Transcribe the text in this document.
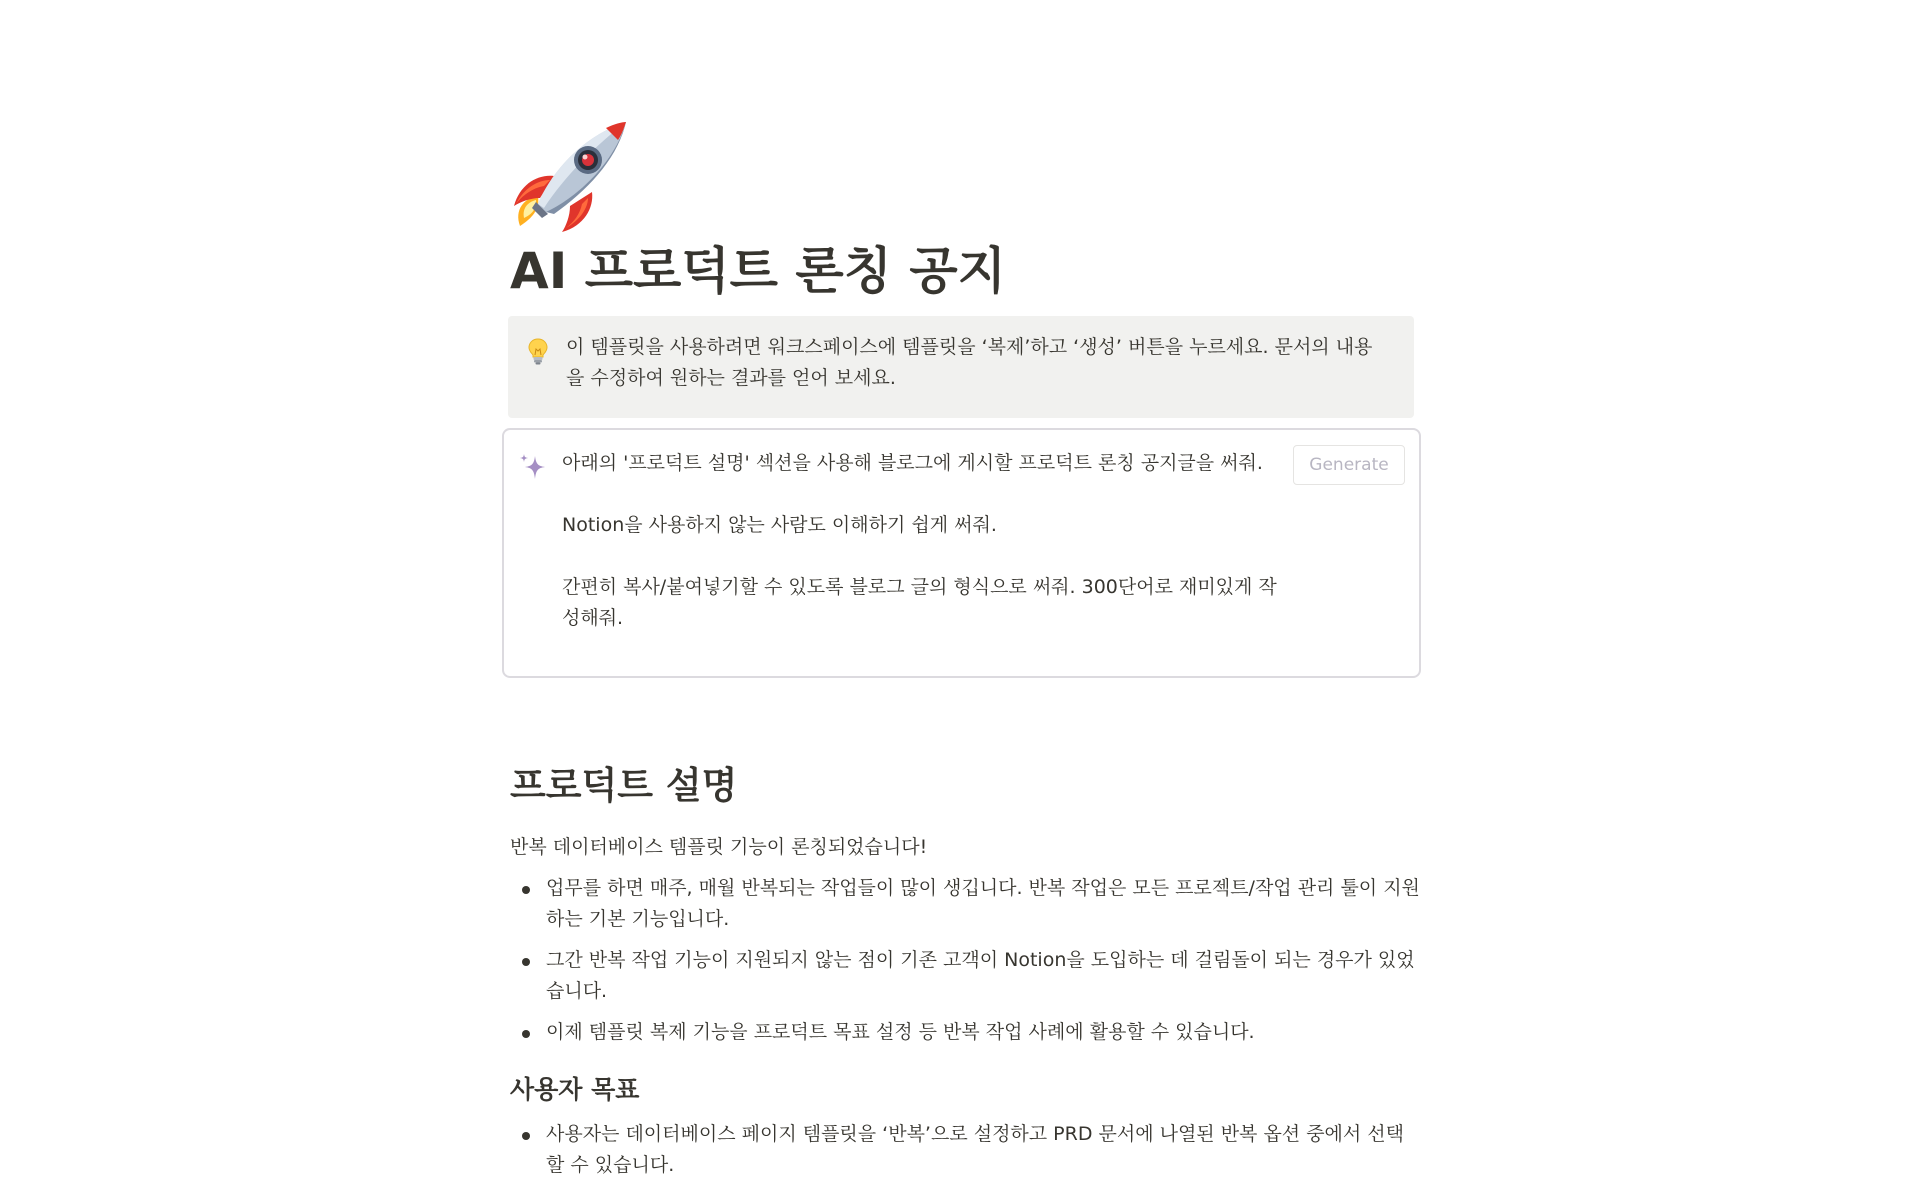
AI 프로덕트 론칭 공지
이 템플릿을 사용하려면 워크스페이스에 템플릿을 ‘복제’하고 ‘생성’ 버튼을 누르세요. 문서의 내용을 수정하여 원하는 결과를 얻어 보세요.

아래의 '프로덕트 설명' 섹션을 사용해 블로그에 게시할 프로덕트 론칭 공지글을 써줘.

Notion을 사용하지 않는 사람도 이해하기 쉽게 써줘.

간편히 복사/붙여넣기할 수 있도록 블로그 글의 형식으로 써줘. 300단어로 재미있게 작성해줘.

Generate
프로덕트 설명

반복 데이터베이스 템플릿 기능이 론칭되었습니다!

업무를 하면 매주, 매월 반복되는 작업들이 많이 생깁니다. 반복 작업은 모든 프로젝트/작업 관리 툴이 지원하는 기본 기능입니다.
그간 반복 작업 기능이 지원되지 않는 점이 기존 고객이 Notion을 도입하는 데 걸림돌이 되는 경우가 있었습니다.
이제 템플릿 복제 기능을 프로덕트 목표 설정 등 반복 작업 사례에 활용할 수 있습니다.
사용자 목표
사용자는 데이터베이스 페이지 템플릿을 ‘반복’으로 설정하고 PRD 문서에 나열된 반복 옵션 중에서 선택할 수 있습니다.
